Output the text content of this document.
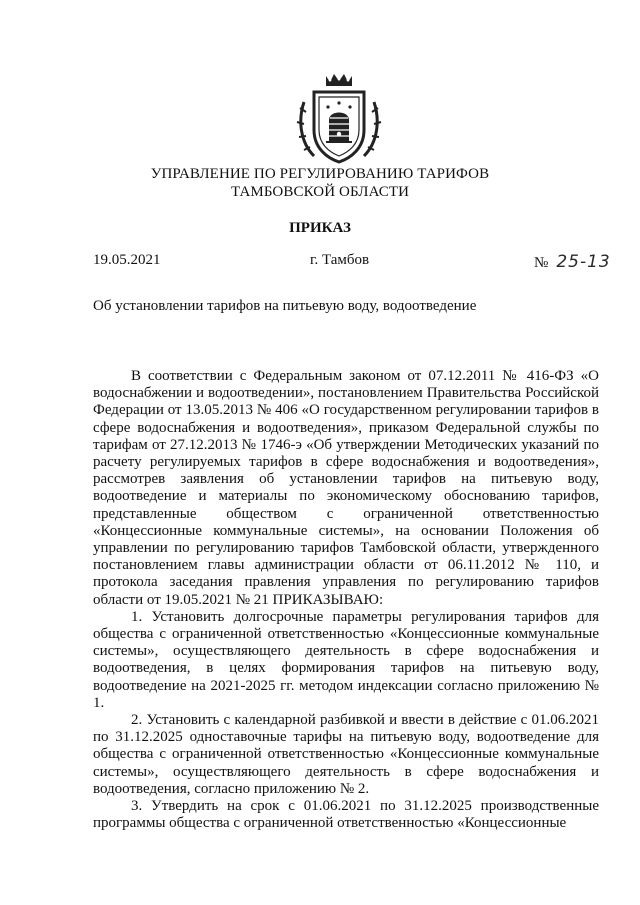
УПРАВЛЕНИЕ ПО РЕГУЛИРОВАНИЮ ТАРИФОВ
ТАМБОВСКОЙ ОБЛАСТИ
ПРИКАЗ
19.05.2021	г. Тамбов	№ 25-13
Об установлении тарифов на питьевую воду, водоотведение

В соответствии с Федеральным законом от 07.12.2011 № 416-ФЗ «О водоснабжении и водоотведении», постановлением Правительства Российской Федерации от 13.05.2013 № 406 «О государственном регулировании тарифов в сфере водоснабжения и водоотведения», приказом Федеральной службы по тарифам от 27.12.2013 № 1746-э «Об утверждении Методических указаний по расчету регулируемых тарифов в сфере водоснабжения и водоотведения», рассмотрев заявления об установлении тарифов на питьевую воду, водоотведение и материалы по экономическому обоснованию тарифов, представленные обществом с ограниченной ответственностью «Концессионные коммунальные системы», на основании Положения об управлении по регулированию тарифов Тамбовской области, утвержденного постановлением главы администрации области от 06.11.2012 № 110, и протокола заседания правления управления по регулированию тарифов области от 19.05.2021 № 21 ПРИКАЗЫВАЮ:

1. Установить долгосрочные параметры регулирования тарифов для общества с ограниченной ответственностью «Концессионные коммунальные системы», осуществляющего деятельность в сфере водоснабжения и водоотведения, в целях формирования тарифов на питьевую воду, водоотведение на 2021-2025 гг. методом индексации согласно приложению № 1.

2. Установить с календарной разбивкой и ввести в действие с 01.06.2021 по 31.12.2025 одноставочные тарифы на питьевую воду, водоотведение для общества с ограниченной ответственностью «Концессионные коммунальные системы», осуществляющего деятельность в сфере водоснабжения и водоотведения, согласно приложению № 2.

3. Утвердить на срок с 01.06.2021 по 31.12.2025 производственные программы общества с ограниченной ответственностью «Концессионные
